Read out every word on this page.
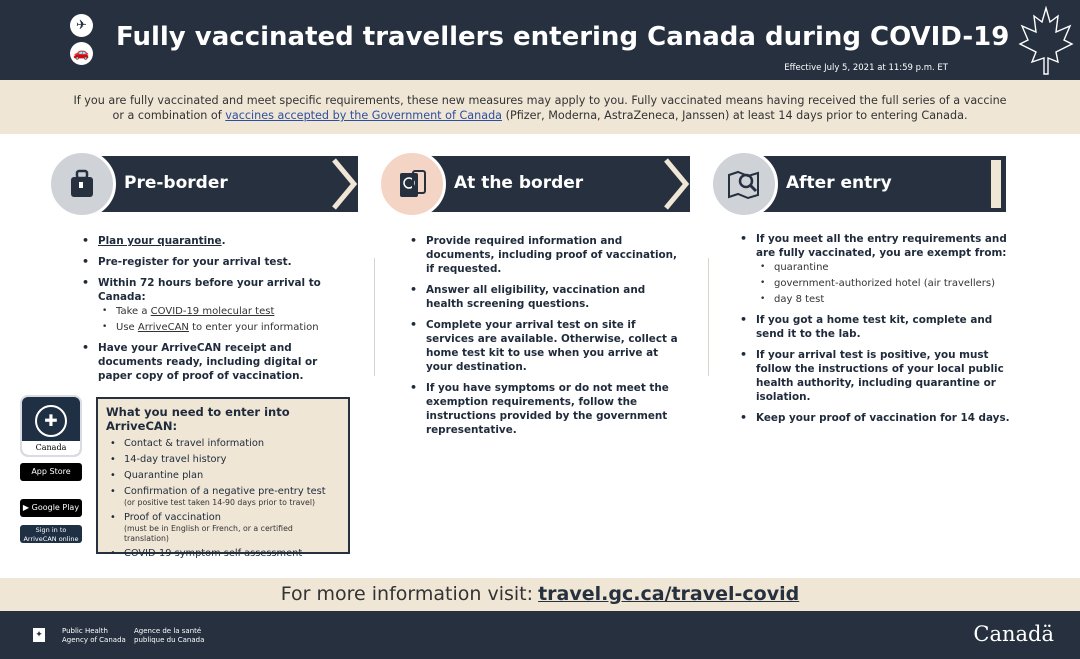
✈
🚗
Fully vaccinated travellers entering Canada during COVID-19
Effective July 5, 2021 at 11:59 p.m. ET

If you are fully vaccinated and meet specific requirements, these new measures may apply to you. Fully vaccinated means having received the full series of a vaccine

or a combination of vaccines accepted by the Government of Canada (Pfizer, Moderna, AstraZeneca, Janssen) at least 14 days prior to entering Canada.

Pre-border
• Plan your quarantine.
• Pre-register for your arrival test.
• Within 72 hours before your arrival to Canada:
• Take a COVID-19 molecular test
• Use ArriveCAN to enter your information
• Have your ArriveCAN receipt and documents ready, including digital or paper copy of proof of vaccination.
At the border
• Provide required information and documents, including proof of vaccination, if requested.
• Answer all eligibility, vaccination and health screening questions.
• Complete your arrival test on site if services are available. Otherwise, collect a home test kit to use when you arrive at your destination.
• If you have symptoms or do not meet the exemption requirements, follow the instructions provided by the government representative.
After entry
• If you meet all the entry requirements and are fully vaccinated, you are exempt from:
• quarantine
• government-authorized hotel (air travellers)
• day 8 test
• If you got a home test kit, complete and send it to the lab.
• If your arrival test is positive, you must follow the instructions of your local public health authority, including quarantine or isolation.
• Keep your proof of vaccination for 14 days.
✚
Canada
App Store
▶ Google Play
Sign in to
ArriveCAN online
What you need to enter into ArriveCAN:
• Contact & travel information
• 14-day travel history
• Quarantine plan
• Confirmation of a negative pre-entry test
(or positive test taken 14-90 days prior to travel)
• Proof of vaccination
(must be in English or French, or a certified translation)
• COVID-19 symptom self-assessment
For more information visit: travel.gc.ca/travel-covid
✦	Public Health
Agency of Canada
Agence de la santé
publique du Canada	Canadä
